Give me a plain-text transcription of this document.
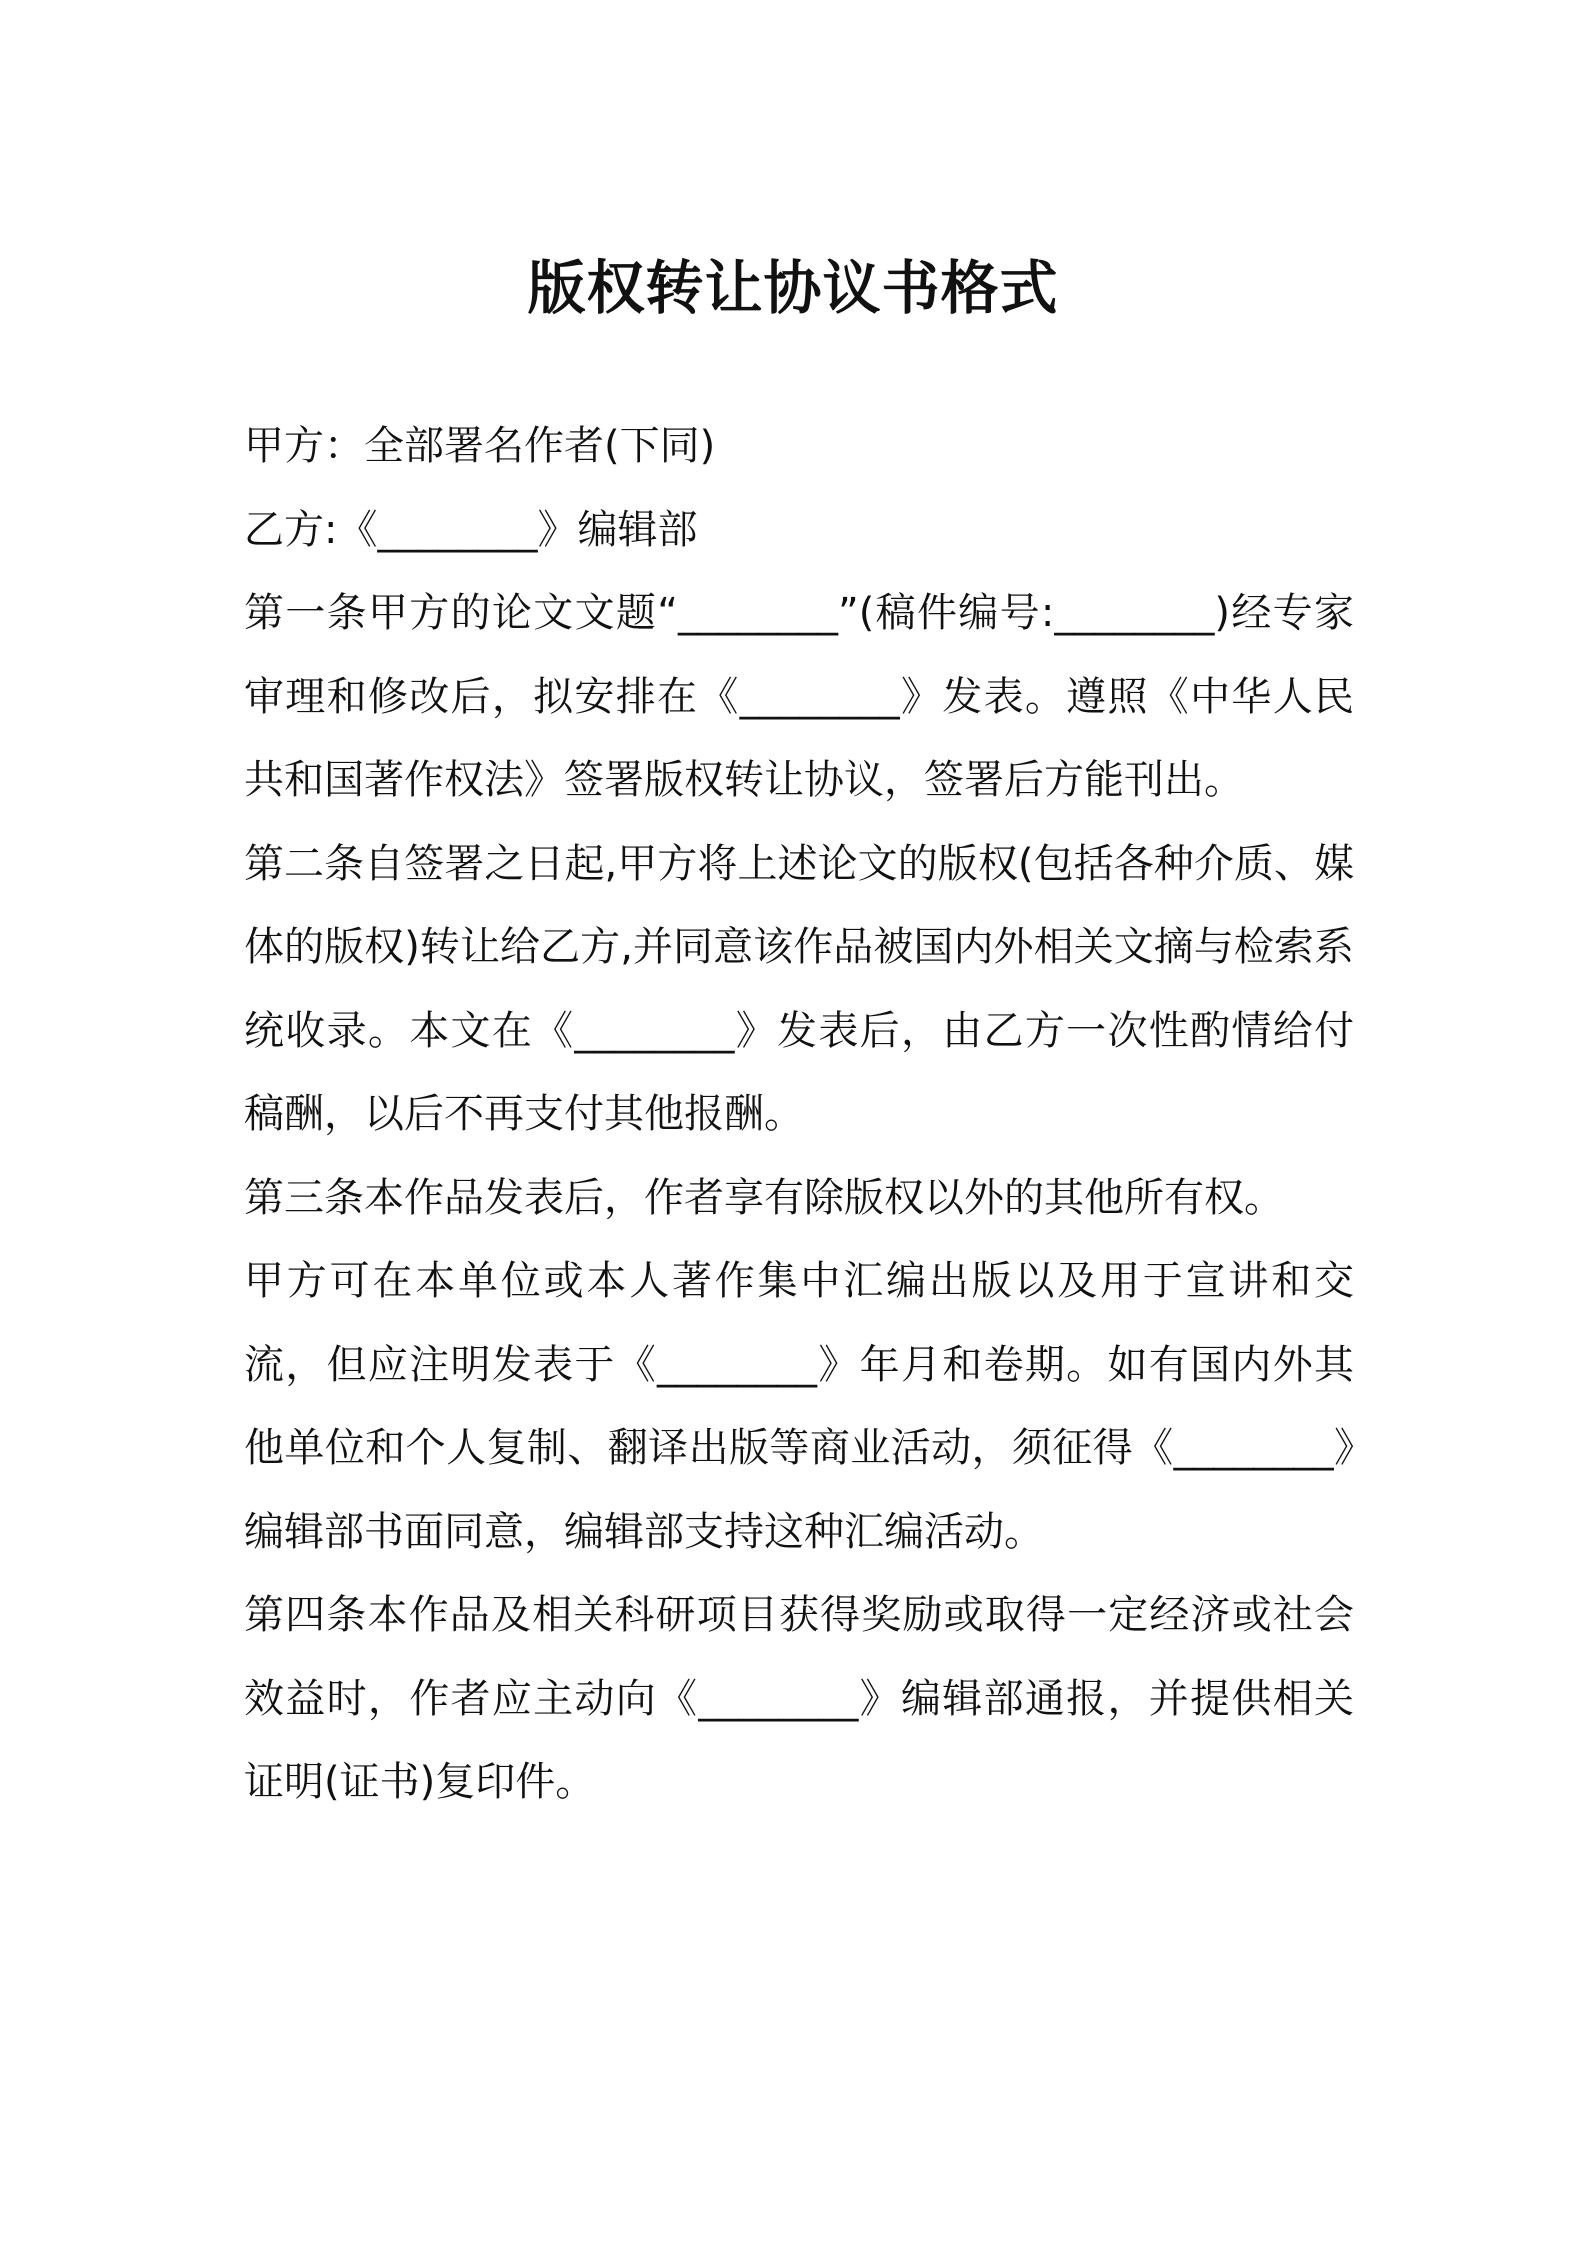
版权转让协议书格式

甲方：全部署名作者(下同)

乙方:《________》编辑部

第一条甲方的论文文题“________”(稿件编号:________)经专家审理和修改后，拟安排在《________》发表。遵照《中华人民共和国著作权法》签署版权转让协议，签署后方能刊出。

第二条自签署之日起,甲方将上述论文的版权(包括各种介质、媒体的版权)转让给乙方,并同意该作品被国内外相关文摘与检索系统收录。本文在《________》发表后，由乙方一次性酌情给付稿酬，以后不再支付其他报酬。

第三条本作品发表后，作者享有除版权以外的其他所有权。

甲方可在本单位或本人著作集中汇编出版以及用于宣讲和交流，但应注明发表于《________》年月和卷期。如有国内外其他单位和个人复制、翻译出版等商业活动，须征得《________》编辑部书面同意，编辑部支持这种汇编活动。

第四条本作品及相关科研项目获得奖励或取得一定经济或社会效益时，作者应主动向《________》编辑部通报，并提供相关证明(证书)复印件。
